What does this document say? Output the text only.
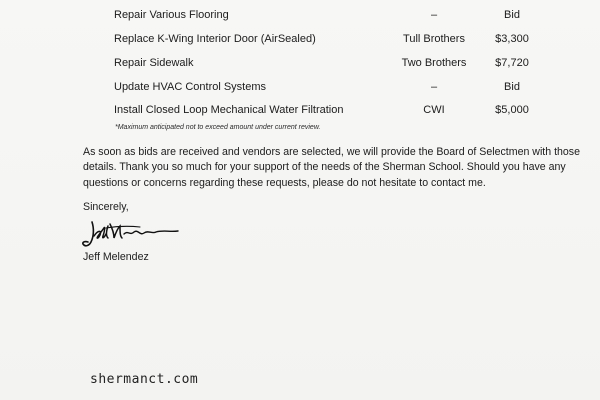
Repair Various Flooring	–	Bid
Replace K-Wing Interior Door (AirSealed)	Tull Brothers	$3,300
Repair Sidewalk	Two Brothers	$7,720
Update HVAC Control Systems	–	Bid
Install Closed Loop Mechanical Water Filtration	CWI	$5,000
*Maximum anticipated not to exceed amount under current review.
As soon as bids are received and vendors are selected, we will provide the Board of Selectmen with those details. Thank you so much for your support of the needs of the Sherman School. Should you have any questions or concerns regarding these requests, please do not hesitate to contact me.
Sincerely,
Jeff Melendez
shermanct.com
